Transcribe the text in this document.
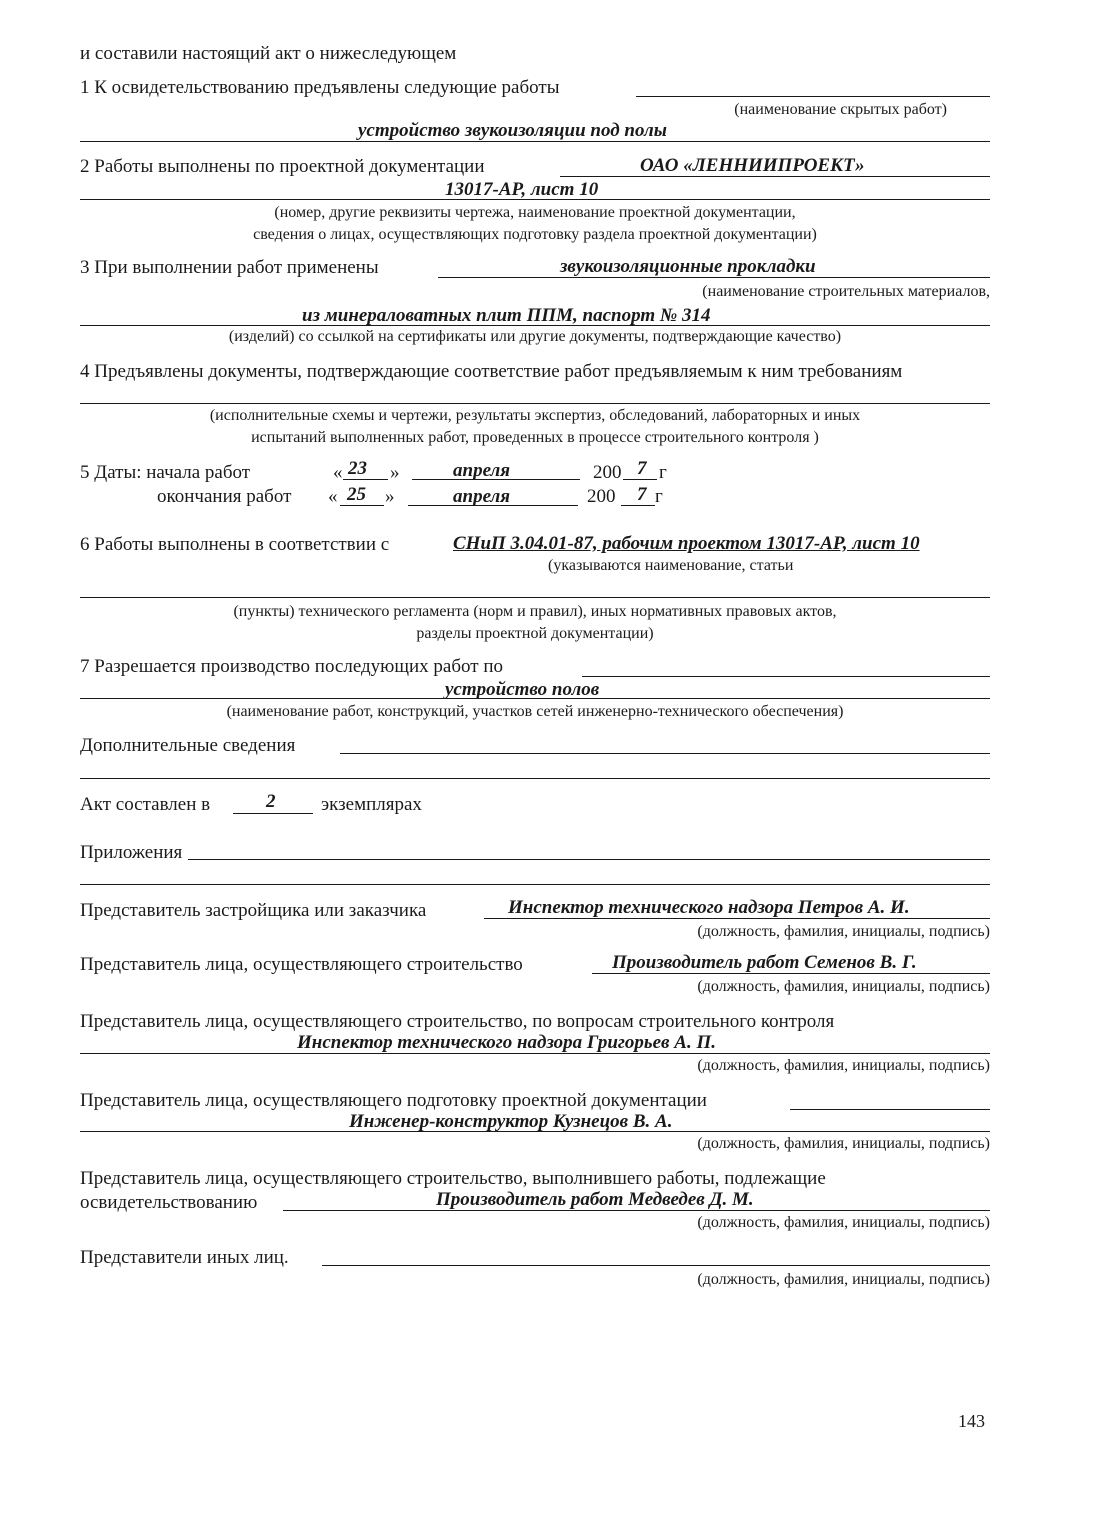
и составили настоящий акт о нижеследующем
1 К освидетельствованию предъявлены следующие работы
(наименование скрытых работ)
устройство звукоизоляции под полы
2 Работы выполнены по проектной документации	ОАО «ЛЕННИИПРОЕКТ»
13017-АР, лист 10
(номер, другие реквизиты чертежа, наименование проектной документации,
сведения о лицах, осуществляющих подготовку раздела проектной документации)
3 При выполнении работ применены	звукоизоляционные прокладки
(наименование строительных материалов,
из минераловатных плит ППМ, паспорт № 314
(изделий) со ссылкой на сертификаты или другие документы, подтверждающие качество)
4 Предъявлены документы, подтверждающие соответствие работ предъявляемым к ним требованиям
(исполнительные схемы и чертежи, результаты экспертиз, обследований, лабораторных и иных
испытаний выполненных работ, проведенных в процессе строительного контроля )
5 Даты: начала работ	« 23 »	апреля	200 7 г
окончания работ « 25 »	апреля	200 7 г
6 Работы выполнены в соответствии с	СНиП 3.04.01-87, рабочим проектом 13017-АР, лист 10
(указываются наименование, статьи
(пункты) технического регламента (норм и правил), иных нормативных правовых актов,
разделы проектной документации)
7 Разрешается производство последующих работ по
устройство полов
(наименование работ, конструкций, участков сетей инженерно-технического обеспечения)
Дополнительные сведения
Акт составлен в	2 экземплярах
Приложения
Представитель застройщика или заказчика	Инспектор технического надзора Петров А. И.
(должность, фамилия, инициалы, подпись)
Представитель лица, осуществляющего строительство	Производитель работ Семенов В. Г.
(должность, фамилия, инициалы, подпись)
Представитель лица, осуществляющего строительство, по вопросам строительного контроля
Инспектор технического надзора Григорьев А. П.
(должность, фамилия, инициалы, подпись)
Представитель лица, осуществляющего подготовку проектной документации
Инженер-конструктор Кузнецов В. А.
(должность, фамилия, инициалы, подпись)
Представитель лица, осуществляющего строительство, выполнившего работы, подлежащие
освидетельствованию	Производитель работ Медведев Д. М.
(должность, фамилия, инициалы, подпись)
Представители иных лиц.
(должность, фамилия, инициалы, подпись)
143
